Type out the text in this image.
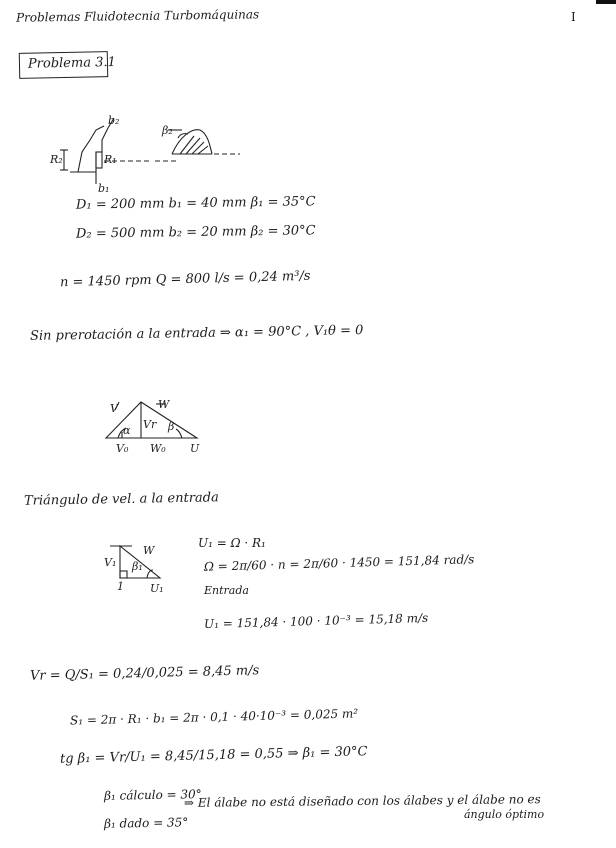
Problemas Fluidotecnia Turbomáquinas	I
Problema 3.1
b₂
b₁
R₂	R₁
β₂
D₁ = 200 mm b₁ = 40 mm β₁ = 35°C
D₂ = 500 mm b₂ = 20 mm β₂ = 30°C
n = 1450 rpm Q = 800 l/s = 0,24 m³/s
Sin prerotación a la entrada ⇒ α₁ = 90°C , V₁θ = 0
V	W
Vr
α	β
V₀ W₀ U
Triángulo de vel. a la entrada
V₁
W
β₁
1 U₁
U₁ = Ω · R₁
Ω = 2π/60 · n = 2π/60 · 1450 = 151,84 rad/s
Entrada
U₁ = 151,84 · 100 · 10⁻³ = 15,18 m/s
Vr = Q/S₁ = 0,24/0,025 = 8,45 m/s
S₁ = 2π · R₁ · b₁ = 2π · 0,1 · 40·10⁻³ = 0,025 m²
tg β₁ = Vr/U₁ = 8,45/15,18 = 0,55 ⇒ β₁ = 30°C
β₁ cálculo = 30°
β₁ dado = 35°
⇒ El álabe no está diseñado con los álabes y el álabe no es
ángulo óptimo
